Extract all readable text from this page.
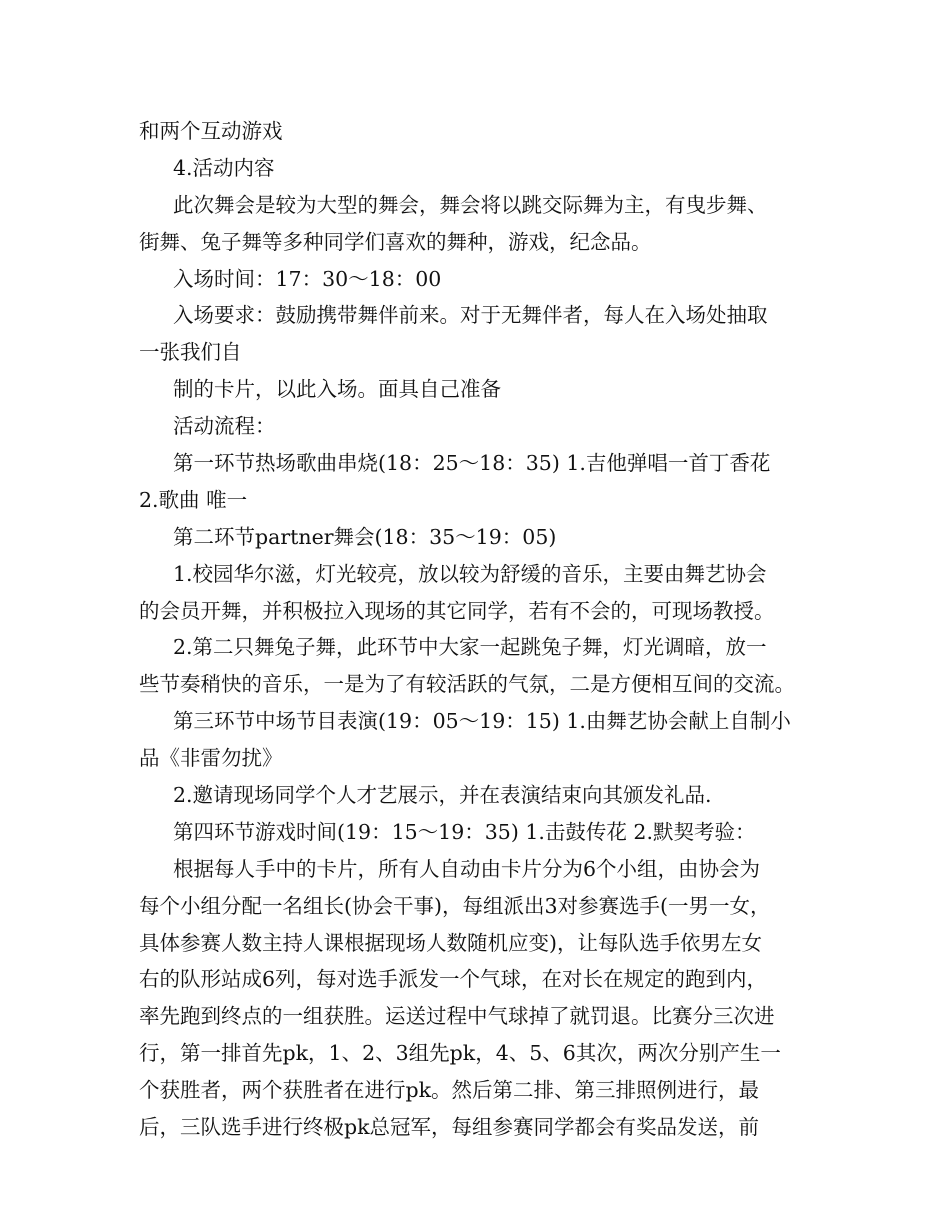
和两个互动游戏
4.活动内容
此次舞会是较为大型的舞会，舞会将以跳交际舞为主，有曳步舞、
街舞、兔子舞等多种同学们喜欢的舞种，游戏，纪念品。
入场时间：17：30～18：00
入场要求：鼓励携带舞伴前来。对于无舞伴者，每人在入场处抽取
一张我们自
制的卡片，以此入场。面具自己准备
活动流程：
第一环节热场歌曲串烧(18：25～18：35) 1.吉他弹唱一首丁香花
2.歌曲 唯一
第二环节partner舞会(18：35～19：05)
1.校园华尔滋，灯光较亮，放以较为舒缓的音乐，主要由舞艺协会
的会员开舞，并积极拉入现场的其它同学，若有不会的，可现场教授。
2.第二只舞兔子舞，此环节中大家一起跳兔子舞，灯光调暗，放一
些节奏稍快的音乐，一是为了有较活跃的气氛，二是方便相互间的交流。
第三环节中场节目表演(19：05～19：15) 1.由舞艺协会献上自制小
品《非雷勿扰》
2.邀请现场同学个人才艺展示，并在表演结束向其颁发礼品.
第四环节游戏时间(19：15～19：35) 1.击鼓传花 2.默契考验：
根据每人手中的卡片，所有人自动由卡片分为6个小组，由协会为
每个小组分配一名组长(协会干事)，每组派出3对参赛选手(一男一女，
具体参赛人数主持人课根据现场人数随机应变)，让每队选手依男左女
右的队形站成6列，每对选手派发一个气球，在对长在规定的跑到内，
率先跑到终点的一组获胜。运送过程中气球掉了就罚退。比赛分三次进
行，第一排首先pk，1、2、3组先pk，4、5、6其次，两次分别产生一
个获胜者，两个获胜者在进行pk。然后第二排、第三排照例进行，最
后，三队选手进行终极pk总冠军，每组参赛同学都会有奖品发送，前
